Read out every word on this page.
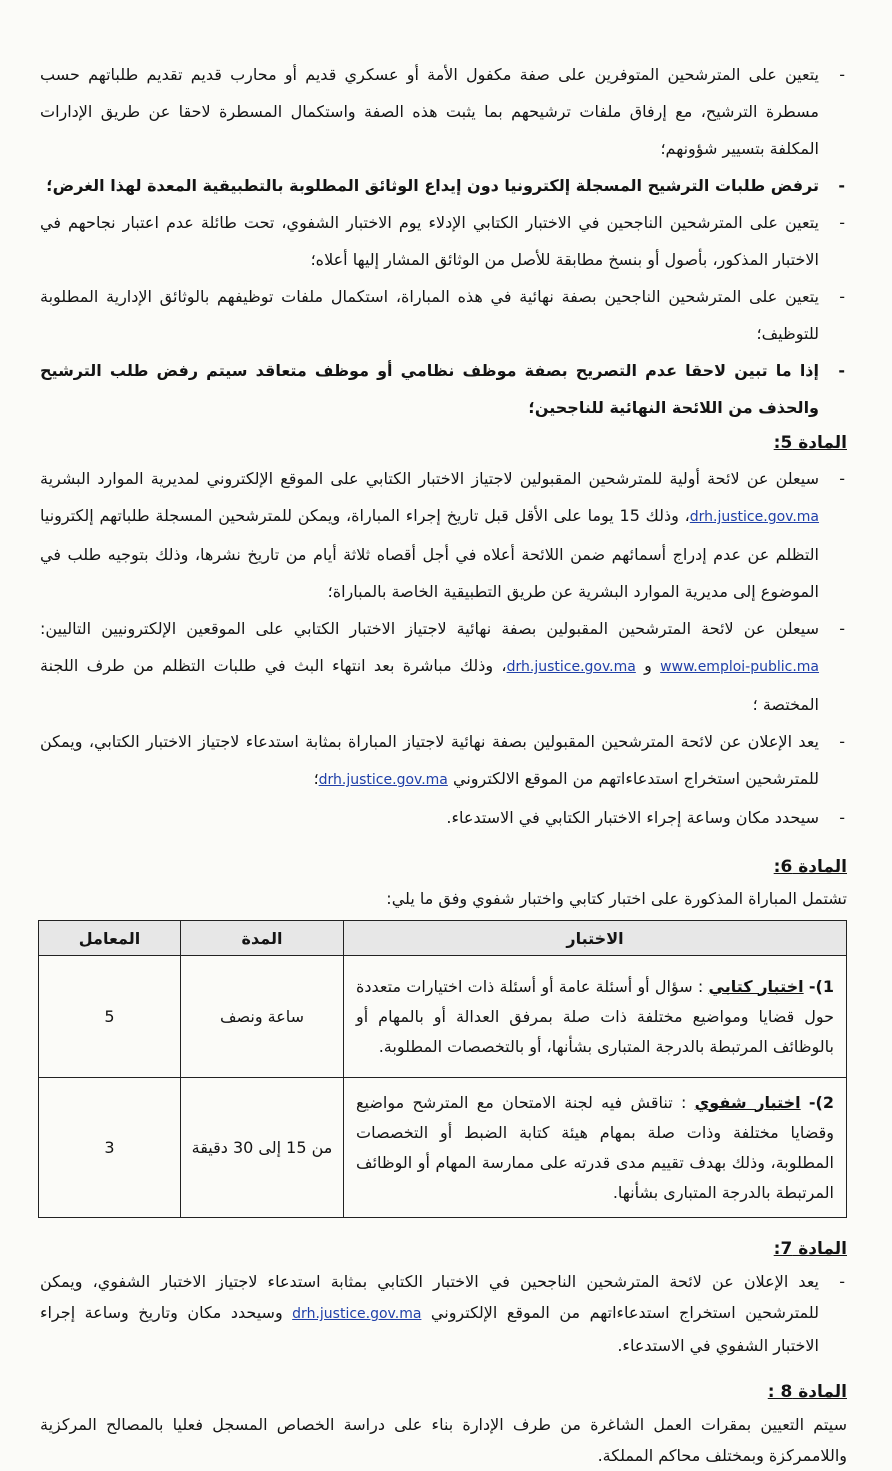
- يتعين على المترشحين المتوفرين على صفة مكفول الأمة أو عسكري قديم أو محارب قديم تقديم طلباتهم حسب مسطرة الترشيح، مع إرفاق ملفات ترشيحهم بما يثبت هذه الصفة واستكمال المسطرة لاحقا عن طريق الإدارات المكلفة بتسيير شؤونهم؛
- ترفض طلبات الترشيح المسجلة إلكترونيا دون إيداع الوثائق المطلوبة بالتطبيقية المعدة لهذا الغرض؛
- يتعين على المترشحين الناجحين في الاختبار الكتابي الإدلاء يوم الاختبار الشفوي، تحت طائلة عدم اعتبار نجاحهم في الاختبار المذكور، بأصول أو بنسخ مطابقة للأصل من الوثائق المشار إليها أعلاه؛
- يتعين على المترشحين الناجحين بصفة نهائية في هذه المباراة، استكمال ملفات توظيفهم بالوثائق الإدارية المطلوبة للتوظيف؛
- إذا ما تبين لاحقا عدم التصريح بصفة موظف نظامي أو موظف متعاقد سيتم رفض طلب الترشيح والحذف من اللائحة النهائية للناجحين؛
المادة 5:
- سيعلن عن لائحة أولية للمترشحين المقبولين لاجتياز الاختبار الكتابي على الموقع الإلكتروني لمديرية الموارد البشرية drh.justice.gov.ma، وذلك 15 يوما على الأقل قبل تاريخ إجراء المباراة، ويمكن للمترشحين المسجلة طلباتهم إلكترونيا التظلم عن عدم إدراج أسمائهم ضمن اللائحة أعلاه في أجل أقصاه ثلاثة أيام من تاريخ نشرها، وذلك بتوجيه طلب في الموضوع إلى مديرية الموارد البشرية عن طريق التطبيقية الخاصة بالمباراة؛
- سيعلن عن لائحة المترشحين المقبولين بصفة نهائية لاجتياز الاختبار الكتابي على الموقعين الإلكترونيين التاليين: www.emploi-public.ma و drh.justice.gov.ma، وذلك مباشرة بعد انتهاء البث في طلبات التظلم من طرف اللجنة المختصة ؛
- يعد الإعلان عن لائحة المترشحين المقبولين بصفة نهائية لاجتياز المباراة بمثابة استدعاء لاجتياز الاختبار الكتابي، ويمكن للمترشحين استخراج استدعاءاتهم من الموقع الالكتروني drh.justice.gov.ma؛
- سيحدد مكان وساعة إجراء الاختبار الكتابي في الاستدعاء.
المادة 6:
تشتمل المباراة المذكورة على اختبار كتابي واختبار شفوي وفق ما يلي:
الاختبار	المدة	المعامل
1)- اختبار كتابي : سؤال أو أسئلة عامة أو أسئلة ذات اختيارات متعددة حول قضايا ومواضيع مختلفة ذات صلة بمرفق العدالة أو بالمهام أو بالوظائف المرتبطة بالدرجة المتبارى بشأنها، أو بالتخصصات المطلوبة.	ساعة ونصف	5
2)- اختبار شفوي : تناقش فيه لجنة الامتحان مع المترشح مواضيع وقضايا مختلفة وذات صلة بمهام هيئة كتابة الضبط أو التخصصات المطلوبة، وذلك بهدف تقييم مدى قدرته على ممارسة المهام أو الوظائف المرتبطة بالدرجة المتبارى بشأنها.	من 15 إلى 30 دقيقة	3
المادة 7:
- يعد الإعلان عن لائحة المترشحين الناجحين في الاختبار الكتابي بمثابة استدعاء لاجتياز الاختبار الشفوي، ويمكن للمترشحين استخراج استدعاءاتهم من الموقع الإلكتروني drh.justice.gov.ma وسيحدد مكان وتاريخ وساعة إجراء الاختبار الشفوي في الاستدعاء.
المادة 8 :
سيتم التعيين بمقرات العمل الشاغرة من طرف الإدارة بناء على دراسة الخصاص المسجل فعليا بالمصالح المركزية واللاممركزة وبمختلف محاكم المملكة.
